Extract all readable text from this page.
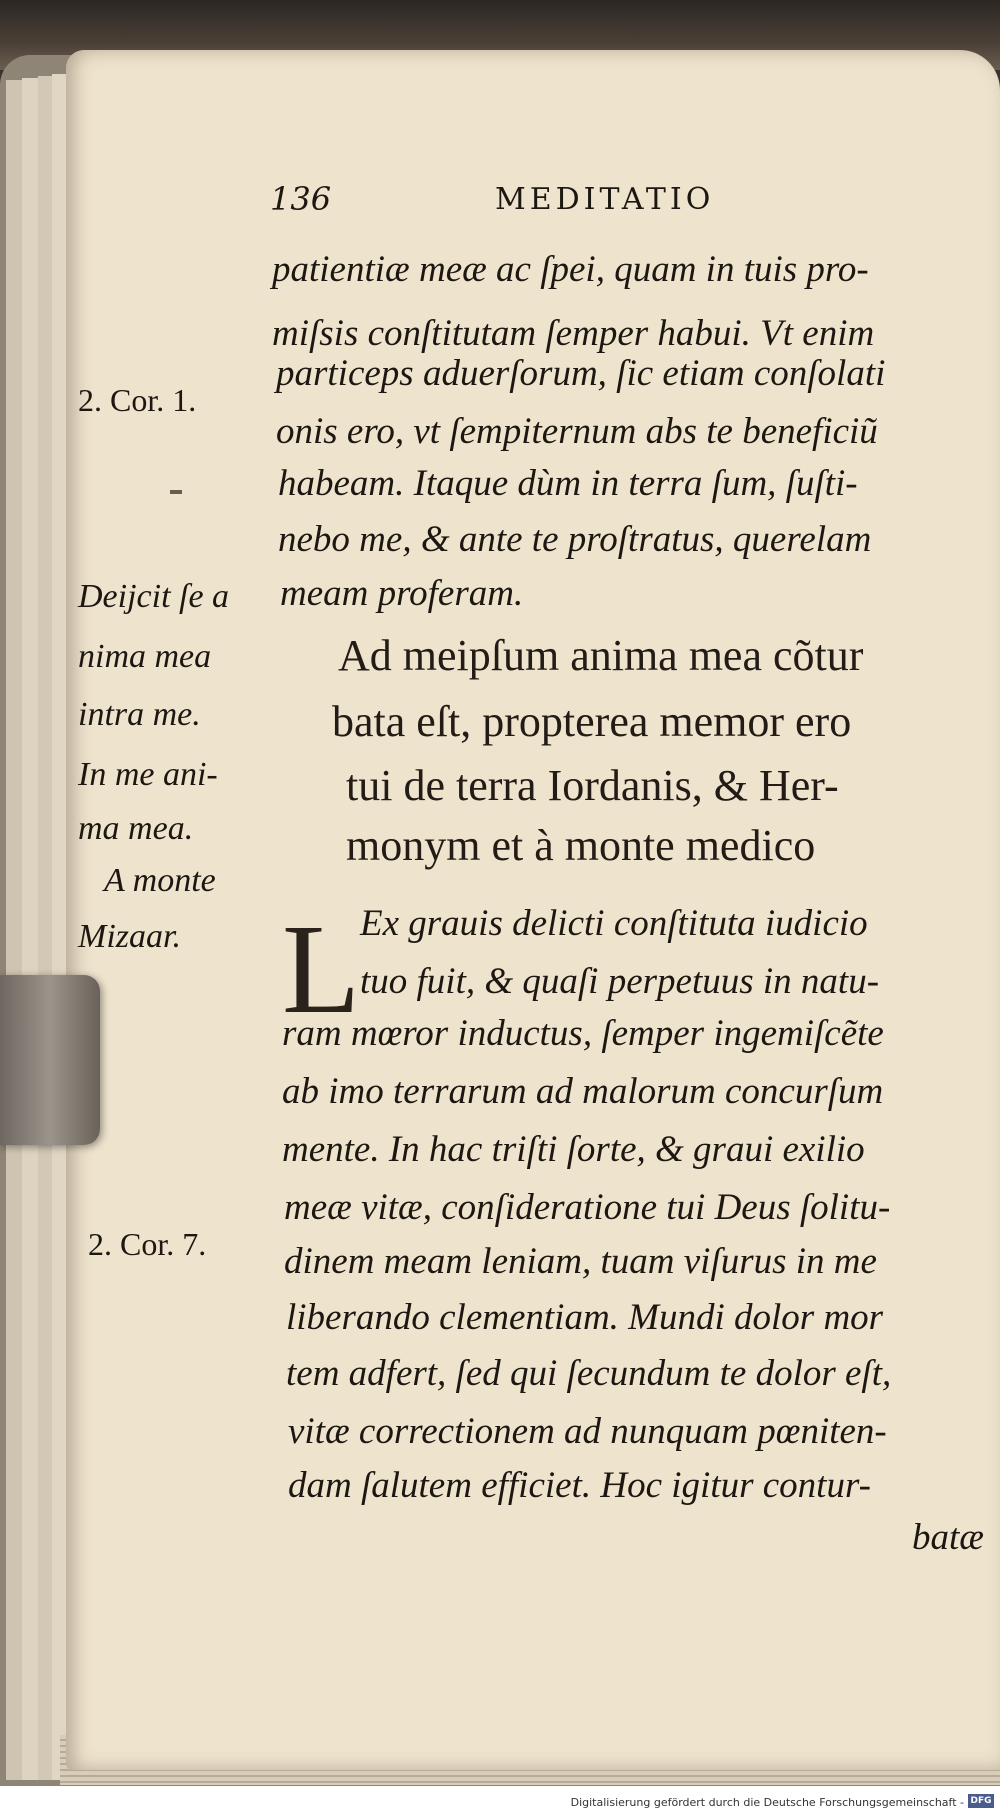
136	MEDITATIO
patientiæ meæ ac ſpei, quam in tuis pro-
miſsis conſtitutam ſemper habui. Vt enim
particeps aduerſorum, ſic etiam conſolati
onis ero, vt ſempiternum abs te beneficiũ
habeam. Itaque dùm in terra ſum, ſuſti-
nebo me, & ante te proſtratus, querelam
meam proferam.
Ad meipſum anima mea cõtur
bata eſt, propterea memor ero
tui de terra Iordanis, & Her-
monym et à monte medico
L Ex grauis delicti conſtituta iudicio
tuo fuit, & quaſi perpetuus in natu-
ram mœror inductus, ſemper ingemiſcẽte
ab imo terrarum ad malorum concurſum
mente. In hac triſti ſorte, & graui exilio
meæ vitæ, conſideratione tui Deus ſolitu-
dinem meam leniam, tuam viſurus in me
liberando clementiam. Mundi dolor mor
tem adfert, ſed qui ſecundum te dolor eſt,
vitæ correctionem ad nunquam pœniten-
dam ſalutem efficiet. Hoc igitur contur-
batæ
2. Cor. 1.
Deijcit ſe a
nima mea
intra me.
In me ani-
ma mea.
A monte
Mizaar.
2. Cor. 7.
Digitalisierung gefördert durch die Deutsche Forschungsgemeinschaft - DFG
